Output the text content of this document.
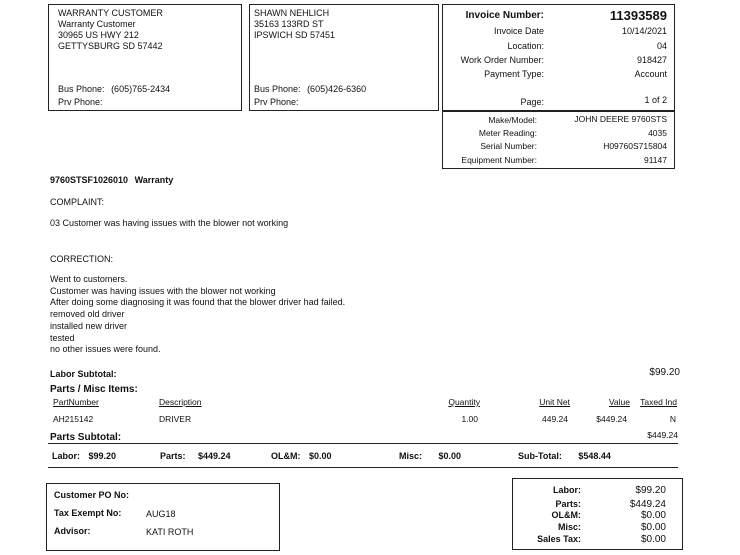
WARRANTY CUSTOMER
Warranty Customer
30965 US HWY 212
GETTYSBURG SD 57442
Bus Phone: (605)765-2434
Prv Phone:
SHAWN NEHLICH
35163 133RD ST
IPSWICH SD 57451
Bus Phone: (605)426-6360
Prv Phone:
Invoice Number:	11393589
Invoice Date	10/14/2021
Location:	04
Work Order Number:	918427
Payment Type:	Account
Page:	1 of 2
Make/Model:	JOHN DEERE 9760STS
Meter Reading:	4035
Serial Number:	H09760S715804
Equipment Number:	91147
9760STSF1026010 Warranty
COMPLAINT:
03 Customer was having issues with the blower not working
CORRECTION:
Went to customers.
Customer was having issues with the blower not working
After doing some diagnosing it was found that the blower driver had failed.
removed old driver
installed new driver
tested
no other issues were found.
Labor Subtotal:	$99.20
Parts / Misc Items:
PartNumber	Description	Quantity	Unit Net	Value	Taxed Ind
AH215142	DRIVER	1.00	449.24	$449.24	N
Parts Subtotal:	$449.24
Labor: $99.20	Parts: $449.24	OL&M: $0.00	Misc: $0.00	Sub-Total: $548.44
Customer PO No:
Tax Exempt No:	AUG18
Advisor:	KATI ROTH
Labor:	$99.20
Parts:	$449.24
OL&M:	$0.00
Misc:	$0.00
Sales Tax:	$0.00
